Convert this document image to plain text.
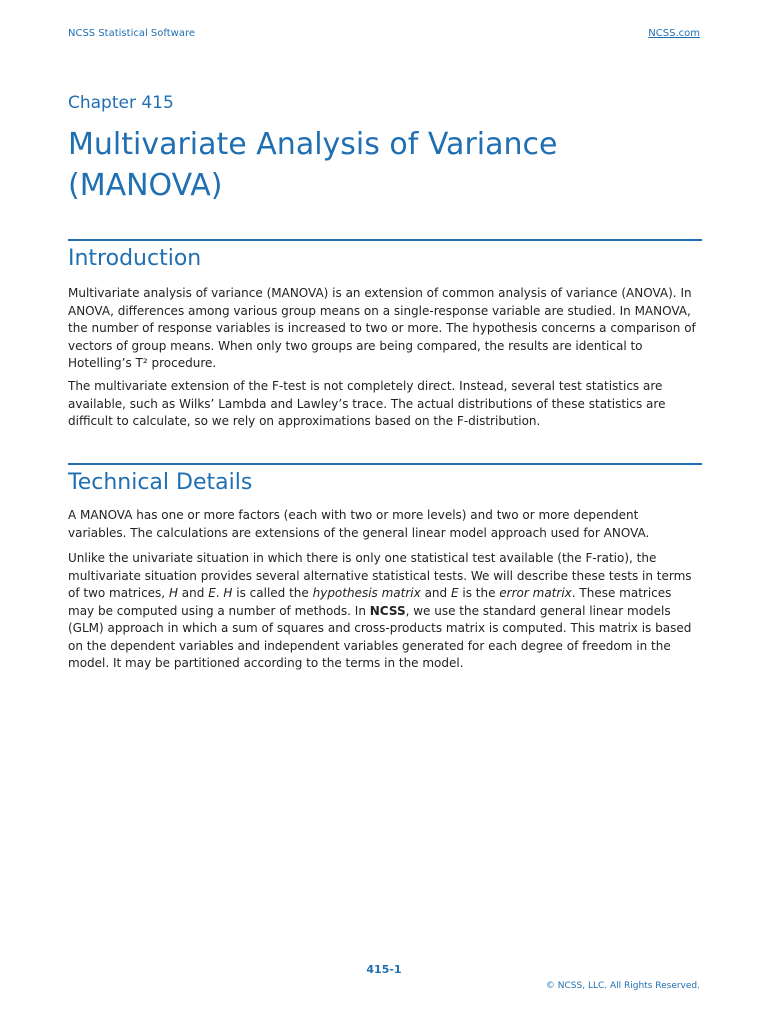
NCSS Statistical Software	NCSS.com
Chapter 415
Multivariate Analysis of Variance
(MANOVA)
Introduction

Multivariate analysis of variance (MANOVA) is an extension of common analysis of variance (ANOVA). In ANOVA, differences among various group means on a single-response variable are studied. In MANOVA, the number of response variables is increased to two or more. The hypothesis concerns a comparison of vectors of group means. When only two groups are being compared, the results are identical to Hotelling’s T² procedure.

The multivariate extension of the F-test is not completely direct. Instead, several test statistics are available, such as Wilks’ Lambda and Lawley’s trace. The actual distributions of these statistics are difficult to calculate, so we rely on approximations based on the F-distribution.

Technical Details

A MANOVA has one or more factors (each with two or more levels) and two or more dependent variables. The calculations are extensions of the general linear model approach used for ANOVA.

Unlike the univariate situation in which there is only one statistical test available (the F-ratio), the multivariate situation provides several alternative statistical tests. We will describe these tests in terms of two matrices, H and E. H is called the hypothesis matrix and E is the error matrix. These matrices may be computed using a number of methods. In NCSS, we use the standard general linear models (GLM) approach in which a sum of squares and cross-products matrix is computed. This matrix is based on the dependent variables and independent variables generated for each degree of freedom in the model. It may be partitioned according to the terms in the model.

415-1
© NCSS, LLC. All Rights Reserved.
